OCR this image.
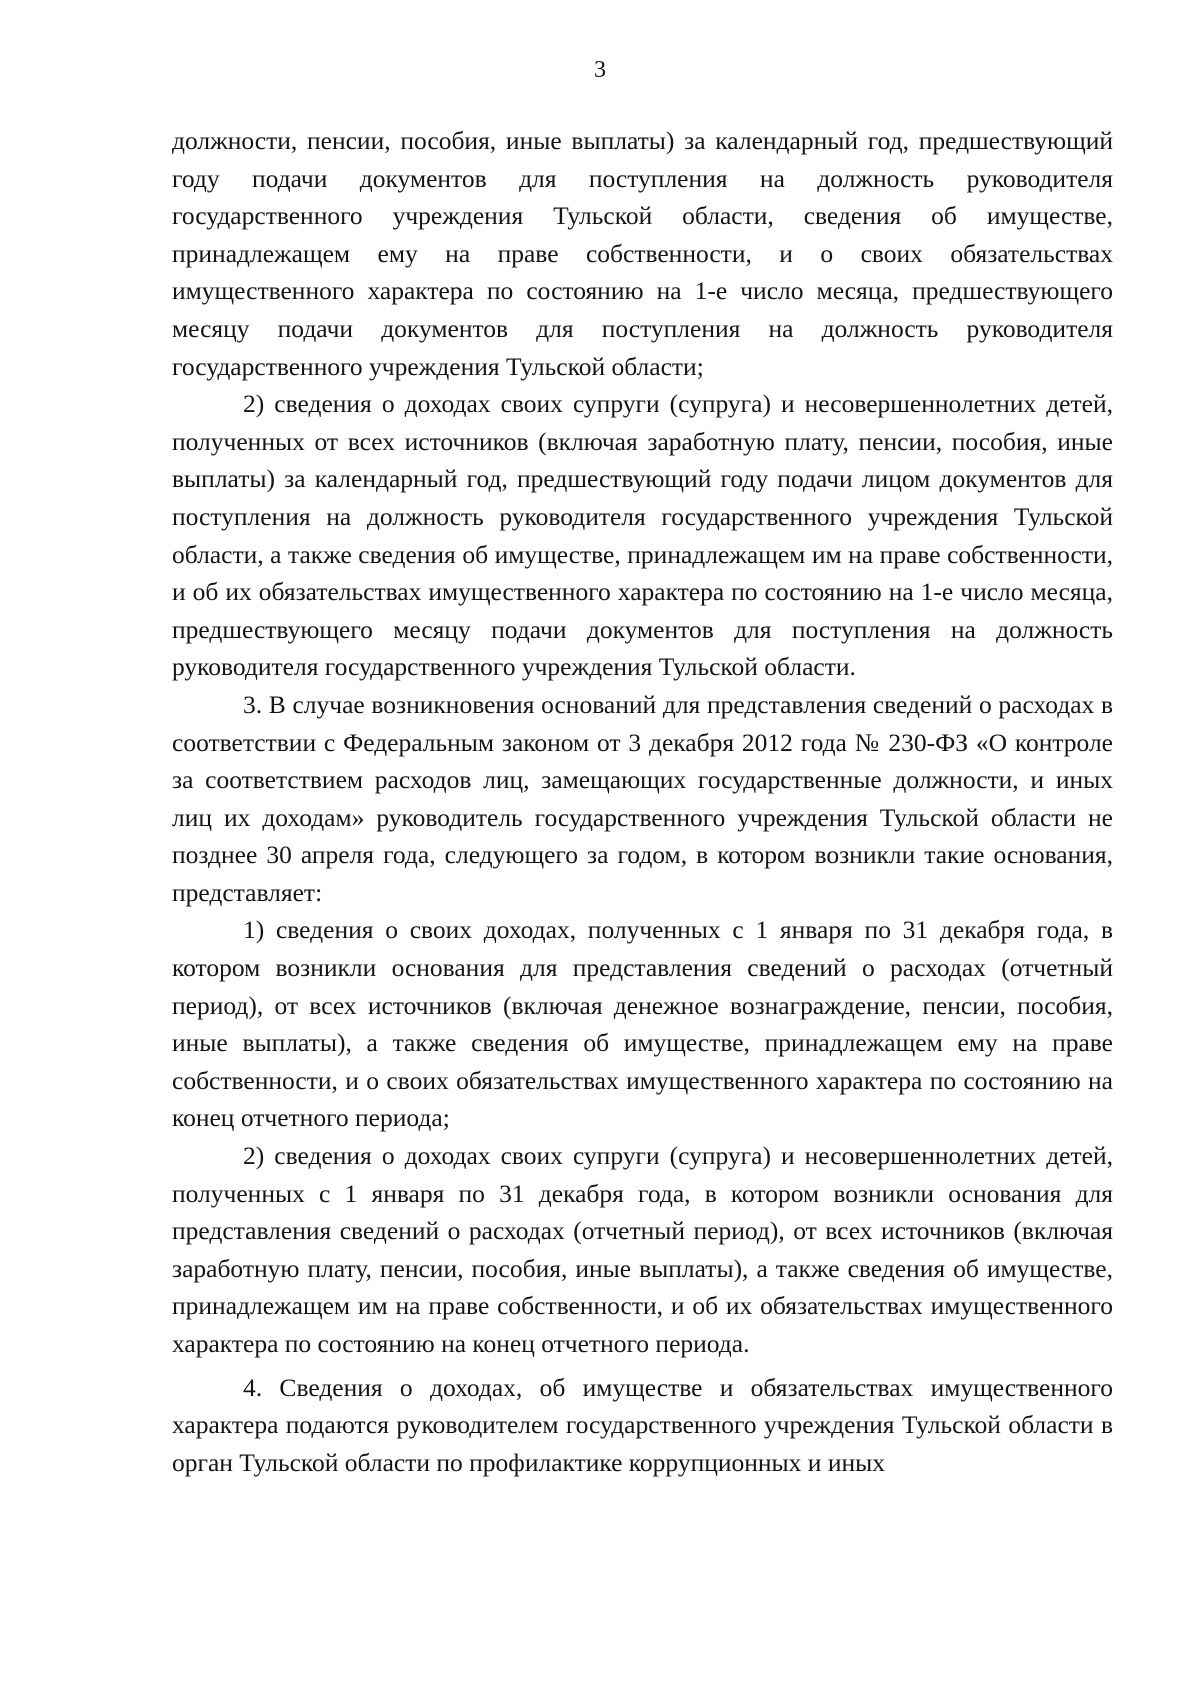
3

должности, пенсии, пособия, иные выплаты) за календарный год, предшествующий году подачи документов для поступления на должность руководителя государственного учреждения Тульской области, сведения об имуществе, принадлежащем ему на праве собственности, и о своих обязательствах имущественного характера по состоянию на 1-е число месяца, предшествующего месяцу подачи документов для поступления на должность руководителя государственного учреждения Тульской области;

2) сведения о доходах своих супруги (супруга) и несовершеннолетних детей, полученных от всех источников (включая заработную плату, пенсии, пособия, иные выплаты) за календарный год, предшествующий году подачи лицом документов для поступления на должность руководителя государственного учреждения Тульской области, а также сведения об имуществе, принадлежащем им на праве собственности, и об их обязательствах имущественного характера по состоянию на 1-е число месяца, предшествующего месяцу подачи документов для поступления на должность руководителя государственного учреждения Тульской области.

3. В случае возникновения оснований для представления сведений о расходах в соответствии с Федеральным законом от 3 декабря 2012 года № 230-ФЗ «О контроле за соответствием расходов лиц, замещающих государственные должности, и иных лиц их доходам» руководитель государственного учреждения Тульской области не позднее 30 апреля года, следующего за годом, в котором возникли такие основания, представляет:

1) сведения о своих доходах, полученных с 1 января по 31 декабря года, в котором возникли основания для представления сведений о расходах (отчетный период), от всех источников (включая денежное вознаграждение, пенсии, пособия, иные выплаты), а также сведения об имуществе, принадлежащем ему на праве собственности, и о своих обязательствах имущественного характера по состоянию на конец отчетного периода;

2) сведения о доходах своих супруги (супруга) и несовершеннолетних детей, полученных с 1 января по 31 декабря года, в котором возникли основания для представления сведений о расходах (отчетный период), от всех источников (включая заработную плату, пенсии, пособия, иные выплаты), а также сведения об имуществе, принадлежащем им на праве собственности, и об их обязательствах имущественного характера по состоянию на конец отчетного периода.

4. Сведения о доходах, об имуществе и обязательствах имущественного характера подаются руководителем государственного учреждения Тульской области в орган Тульской области по профилактике коррупционных и иных
